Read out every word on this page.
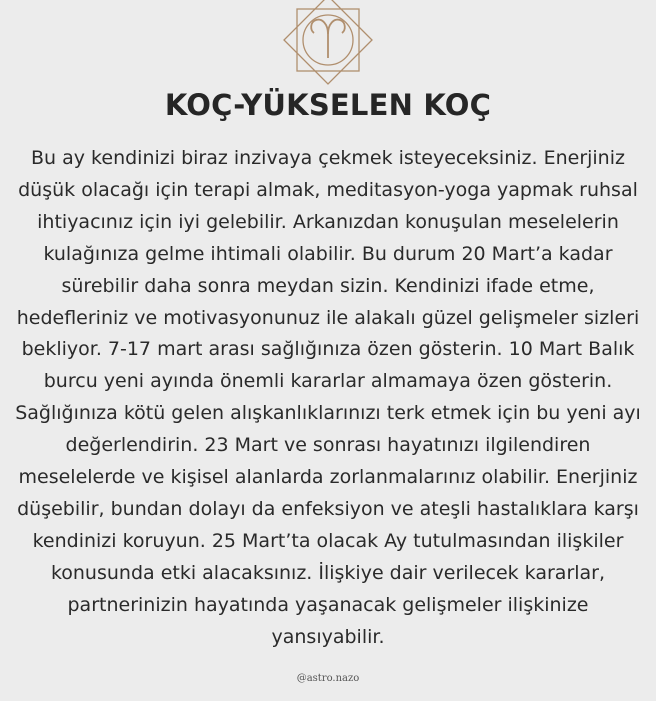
KOÇ-YÜKSELEN KOÇ

Bu ay kendinizi biraz inzivaya çekmek isteyeceksiniz. Enerjiniz düşük olacağı için terapi almak, meditasyon-yoga yapmak ruhsal ihtiyacınız için iyi gelebilir. Arkanızdan konuşulan meselelerin kulağınıza gelme ihtimali olabilir. Bu durum 20 Mart’a kadar sürebilir daha sonra meydan sizin. Kendinizi ifade etme, hedefleriniz ve motivasyonunuz ile alakalı güzel gelişmeler sizleri bekliyor. 7-17 mart arası sağlığınıza özen gösterin. 10 Mart Balık burcu yeni ayında önemli kararlar almamaya özen gösterin. Sağlığınıza kötü gelen alışkanlıklarınızı terk etmek için bu yeni ayı değerlendirin. 23 Mart ve sonrası hayatınızı ilgilendiren meselelerde ve kişisel alanlarda zorlanmalarınız olabilir. Enerjiniz düşebilir, bundan dolayı da enfeksiyon ve ateşli hastalıklara karşı kendinizi koruyun. 25 Mart’ta olacak Ay tutulmasından ilişkiler konusunda etki alacaksınız. İlişkiye dair verilecek kararlar, partnerinizin hayatında yaşanacak gelişmeler ilişkinize yansıyabilir.

@astro.nazo
